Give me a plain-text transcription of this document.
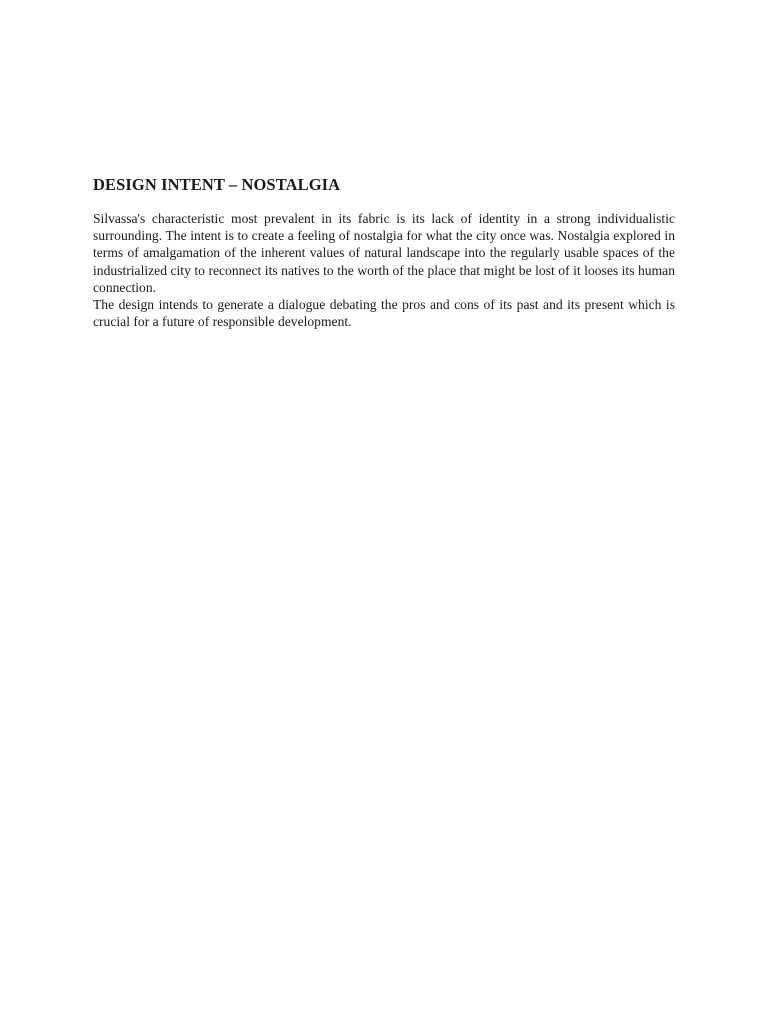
DESIGN INTENT – NOSTALGIA

Silvassa's characteristic most prevalent in its fabric is its lack of identity in a strong individualistic surrounding. The intent is to create a feeling of nostalgia for what the city once was. Nostalgia explored in terms of amalgamation of the inherent values of natural landscape into the regularly usable spaces of the industrialized city to reconnect its natives to the worth of the place that might be lost of it looses its human connection.

The design intends to generate a dialogue debating the pros and cons of its past and its present which is crucial for a future of responsible development.
